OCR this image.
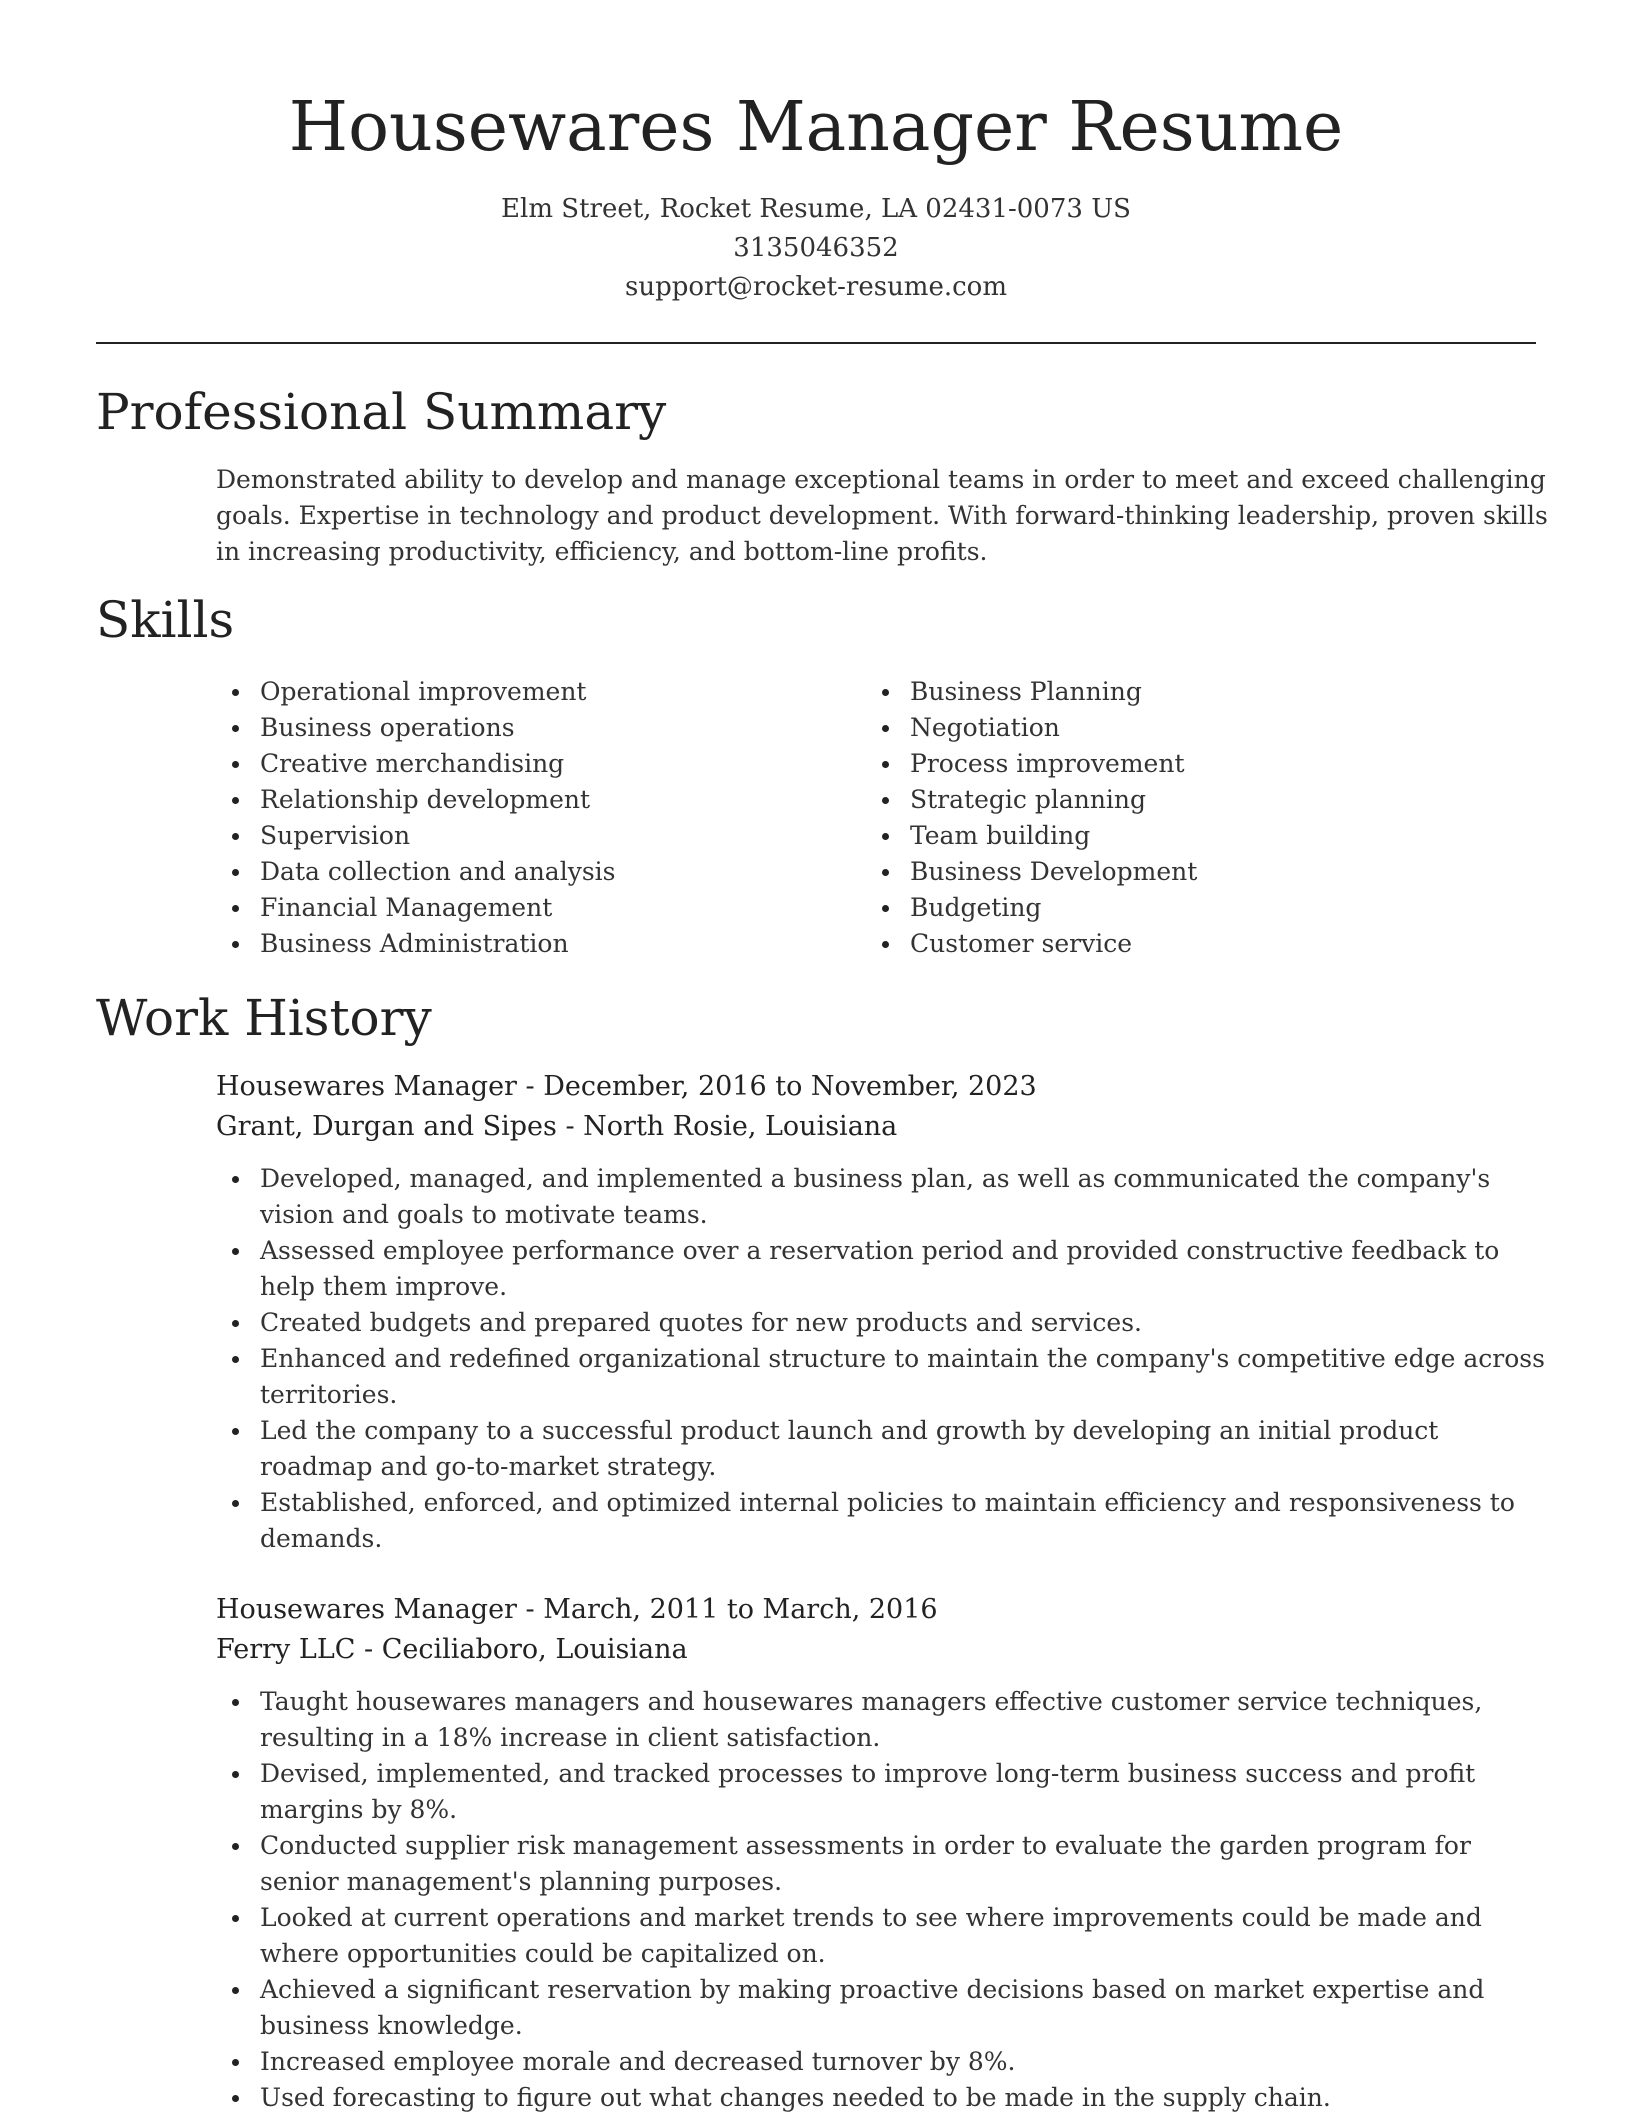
Housewares Manager Resume
Elm Street, Rocket Resume, LA 02431-0073 US
3135046352
support@rocket-resume.com
Professional Summary

Demonstrated ability to develop and manage exceptional teams in order to meet and exceed challenging goals. Expertise in technology and product development. With forward-thinking leadership, proven skills in increasing productivity, efficiency, and bottom-line profits.

Skills
Operational improvement
Business operations
Creative merchandising
Relationship development
Supervision
Data collection and analysis
Financial Management
Business Administration
Business Planning
Negotiation
Process improvement
Strategic planning
Team building
Business Development
Budgeting
Customer service
Work History
Housewares Manager - December, 2016 to November, 2023
Grant, Durgan and Sipes - North Rosie, Louisiana
Developed, managed, and implemented a business plan, as well as communicated the company's vision and goals to motivate teams.
Assessed employee performance over a reservation period and provided constructive feedback to help them improve.
Created budgets and prepared quotes for new products and services.
Enhanced and redefined organizational structure to maintain the company's competitive edge across territories.
Led the company to a successful product launch and growth by developing an initial product roadmap and go-to-market strategy.
Established, enforced, and optimized internal policies to maintain efficiency and responsiveness to demands.
Housewares Manager - March, 2011 to March, 2016
Ferry LLC - Ceciliaboro, Louisiana
Taught housewares managers and housewares managers effective customer service techniques, resulting in a 18% increase in client satisfaction.
Devised, implemented, and tracked processes to improve long-term business success and profit margins by 8%.
Conducted supplier risk management assessments in order to evaluate the garden program for senior management's planning purposes.
Looked at current operations and market trends to see where improvements could be made and where opportunities could be capitalized on.
Achieved a significant reservation by making proactive decisions based on market expertise and business knowledge.
Increased employee morale and decreased turnover by 8%.
Used forecasting to figure out what changes needed to be made in the supply chain.
